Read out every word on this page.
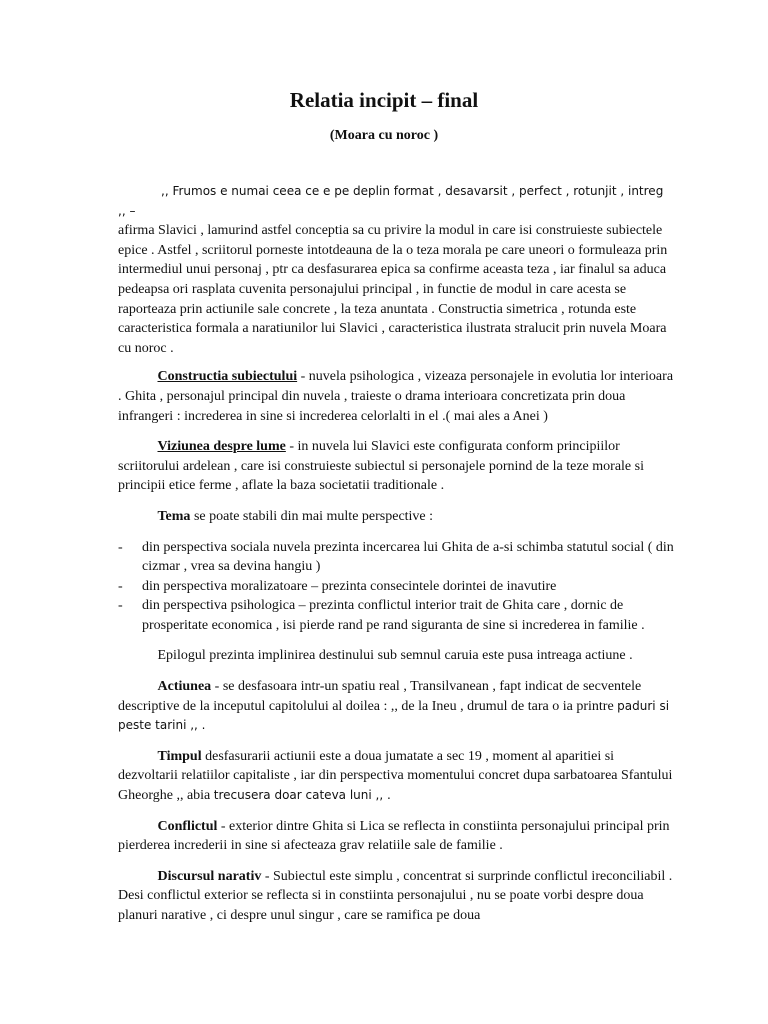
Relatia incipit – final
(Moara cu noroc )

,, Frumos e numai ceea ce e pe deplin format , desavarsit , perfect , rotunjit , intreg ,, –
afirma Slavici , lamurind astfel conceptia sa cu privire la modul in care isi construieste subiectele epice . Astfel , scriitorul porneste intotdeauna de la o teza morala pe care uneori o formuleaza prin intermediul unui personaj , ptr ca desfasurarea epica sa confirme aceasta teza , iar finalul sa aduca pedeapsa ori rasplata cuvenita personajului principal , in functie de modul in care acesta se raporteaza prin actiunile sale concrete , la teza anuntata . Constructia simetrica , rotunda este caracteristica formala a naratiunilor lui Slavici , caracteristica ilustrata stralucit prin nuvela Moara cu noroc .

Constructia subiectului - nuvela psihologica , vizeaza personajele in evolutia lor interioara . Ghita , personajul principal din nuvela , traieste o drama interioara concretizata prin doua infrangeri : increderea in sine si increderea celorlalti in el .( mai ales a Anei )

Viziunea despre lume - in nuvela lui Slavici este configurata conform principiilor scriitorului ardelean , care isi construieste subiectul si personajele pornind de la teze morale si principii etice ferme , aflate la baza societatii traditionale .

Tema se poate stabili din mai multe perspective :

-	din perspectiva sociala nuvela prezinta incercarea lui Ghita de a-si schimba statutul social ( din cizmar , vrea sa devina hangiu )
-	din perspectiva moralizatoare – prezinta consecintele dorintei de inavutire
-	din perspectiva psihologica – prezinta conflictul interior trait de Ghita care , dornic de prosperitate economica , isi pierde rand pe rand siguranta de sine si increderea in familie .

Epilogul prezinta implinirea destinului sub semnul caruia este pusa intreaga actiune .

Actiunea - se desfasoara intr-un spatiu real , Transilvanean , fapt indicat de secventele descriptive de la inceputul capitolului al doilea : ,, de la Ineu , drumul de tara o ia printre paduri si peste tarini ,, .

Timpul desfasurarii actiunii este a doua jumatate a sec 19 , moment al aparitiei si dezvoltarii relatiilor capitaliste , iar din perspectiva momentului concret dupa sarbatoarea Sfantului Gheorghe ,, abia trecusera doar cateva luni ,, .

Conflictul - exterior dintre Ghita si Lica se reflecta in constiinta personajului principal prin pierderea increderii in sine si afecteaza grav relatiile sale de familie .

Discursul narativ - Subiectul este simplu , concentrat si surprinde conflictul ireconciliabil . Desi conflictul exterior se reflecta si in constiinta personajului , nu se poate vorbi despre doua planuri narative , ci despre unul singur , care se ramifica pe doua
